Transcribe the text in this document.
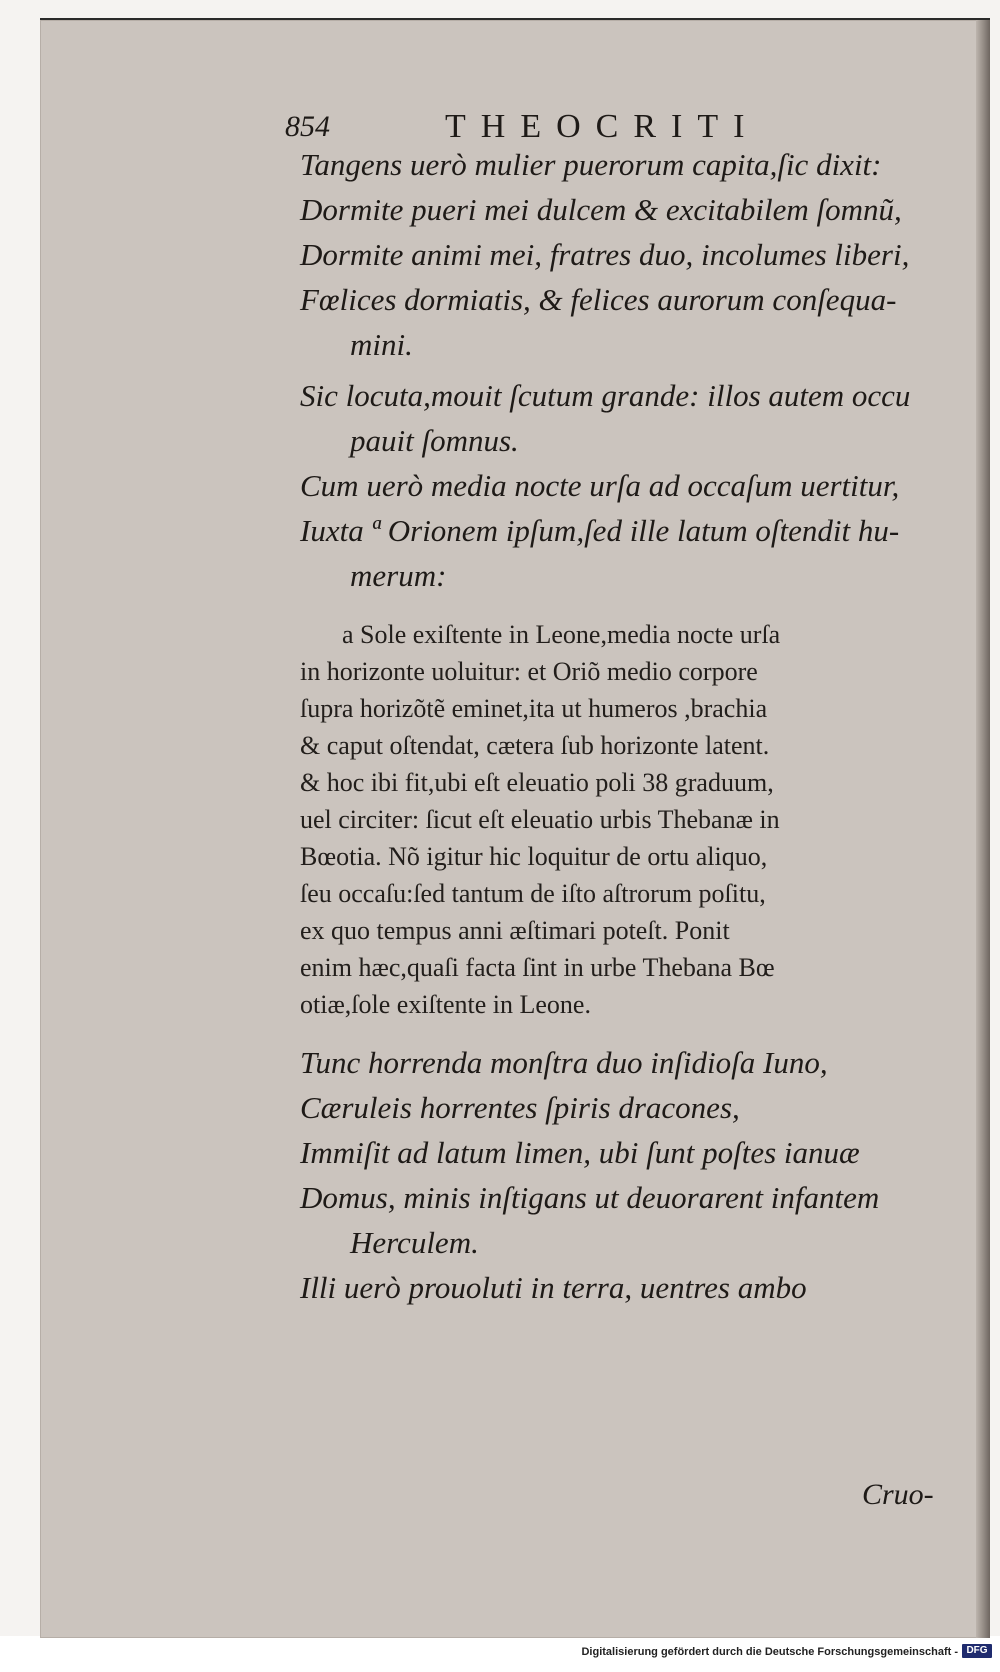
854	THEOCRITI
Tangens uerò mulier puerorum capita,ſic dixit:
Dormite pueri mei dulcem & excitabilem ſomnũ,
Dormite animi mei, fratres duo, incolumes liberi,
Fœlices dormiatis, & felices aurorum conſequa-
mini.
Sic locuta,mouit ſcutum grande: illos autem occu
pauit ſomnus.
Cum uerò media nocte urſa ad occaſum uertitur,
Iuxta ª Orionem ipſum,ſed ille latum oſtendit hu-
merum:
a Sole exiſtente in Leone,media nocte urſa
in horizonte uoluitur: et Oriõ medio corpore
ſupra horizõtẽ eminet,ita ut humeros ,brachia
& caput oſtendat, cætera ſub horizonte latent.
& hoc ibi fit,ubi eſt eleuatio poli 38 graduum,
uel circiter: ſicut eſt eleuatio urbis Thebanæ in
Bœotia. Nõ igitur hic loquitur de ortu aliquo,
ſeu occaſu:ſed tantum de iſto aſtrorum poſitu,
ex quo tempus anni æſtimari poteſt. Ponit
enim hæc,quaſi facta ſint in urbe Thebana Bœ
otiæ,ſole exiſtente in Leone.
Tunc horrenda monſtra duo inſidioſa Iuno,
Cæruleis horrentes ſpiris dracones,
Immiſit ad latum limen, ubi ſunt poſtes ianuæ
Domus, minis inſtigans ut deuorarent infantem
Herculem.
Illi uerò prouoluti in terra, uentres ambo
Cruo-
Digitalisierung gefördert durch die Deutsche Forschungsgemeinschaft - DFG
